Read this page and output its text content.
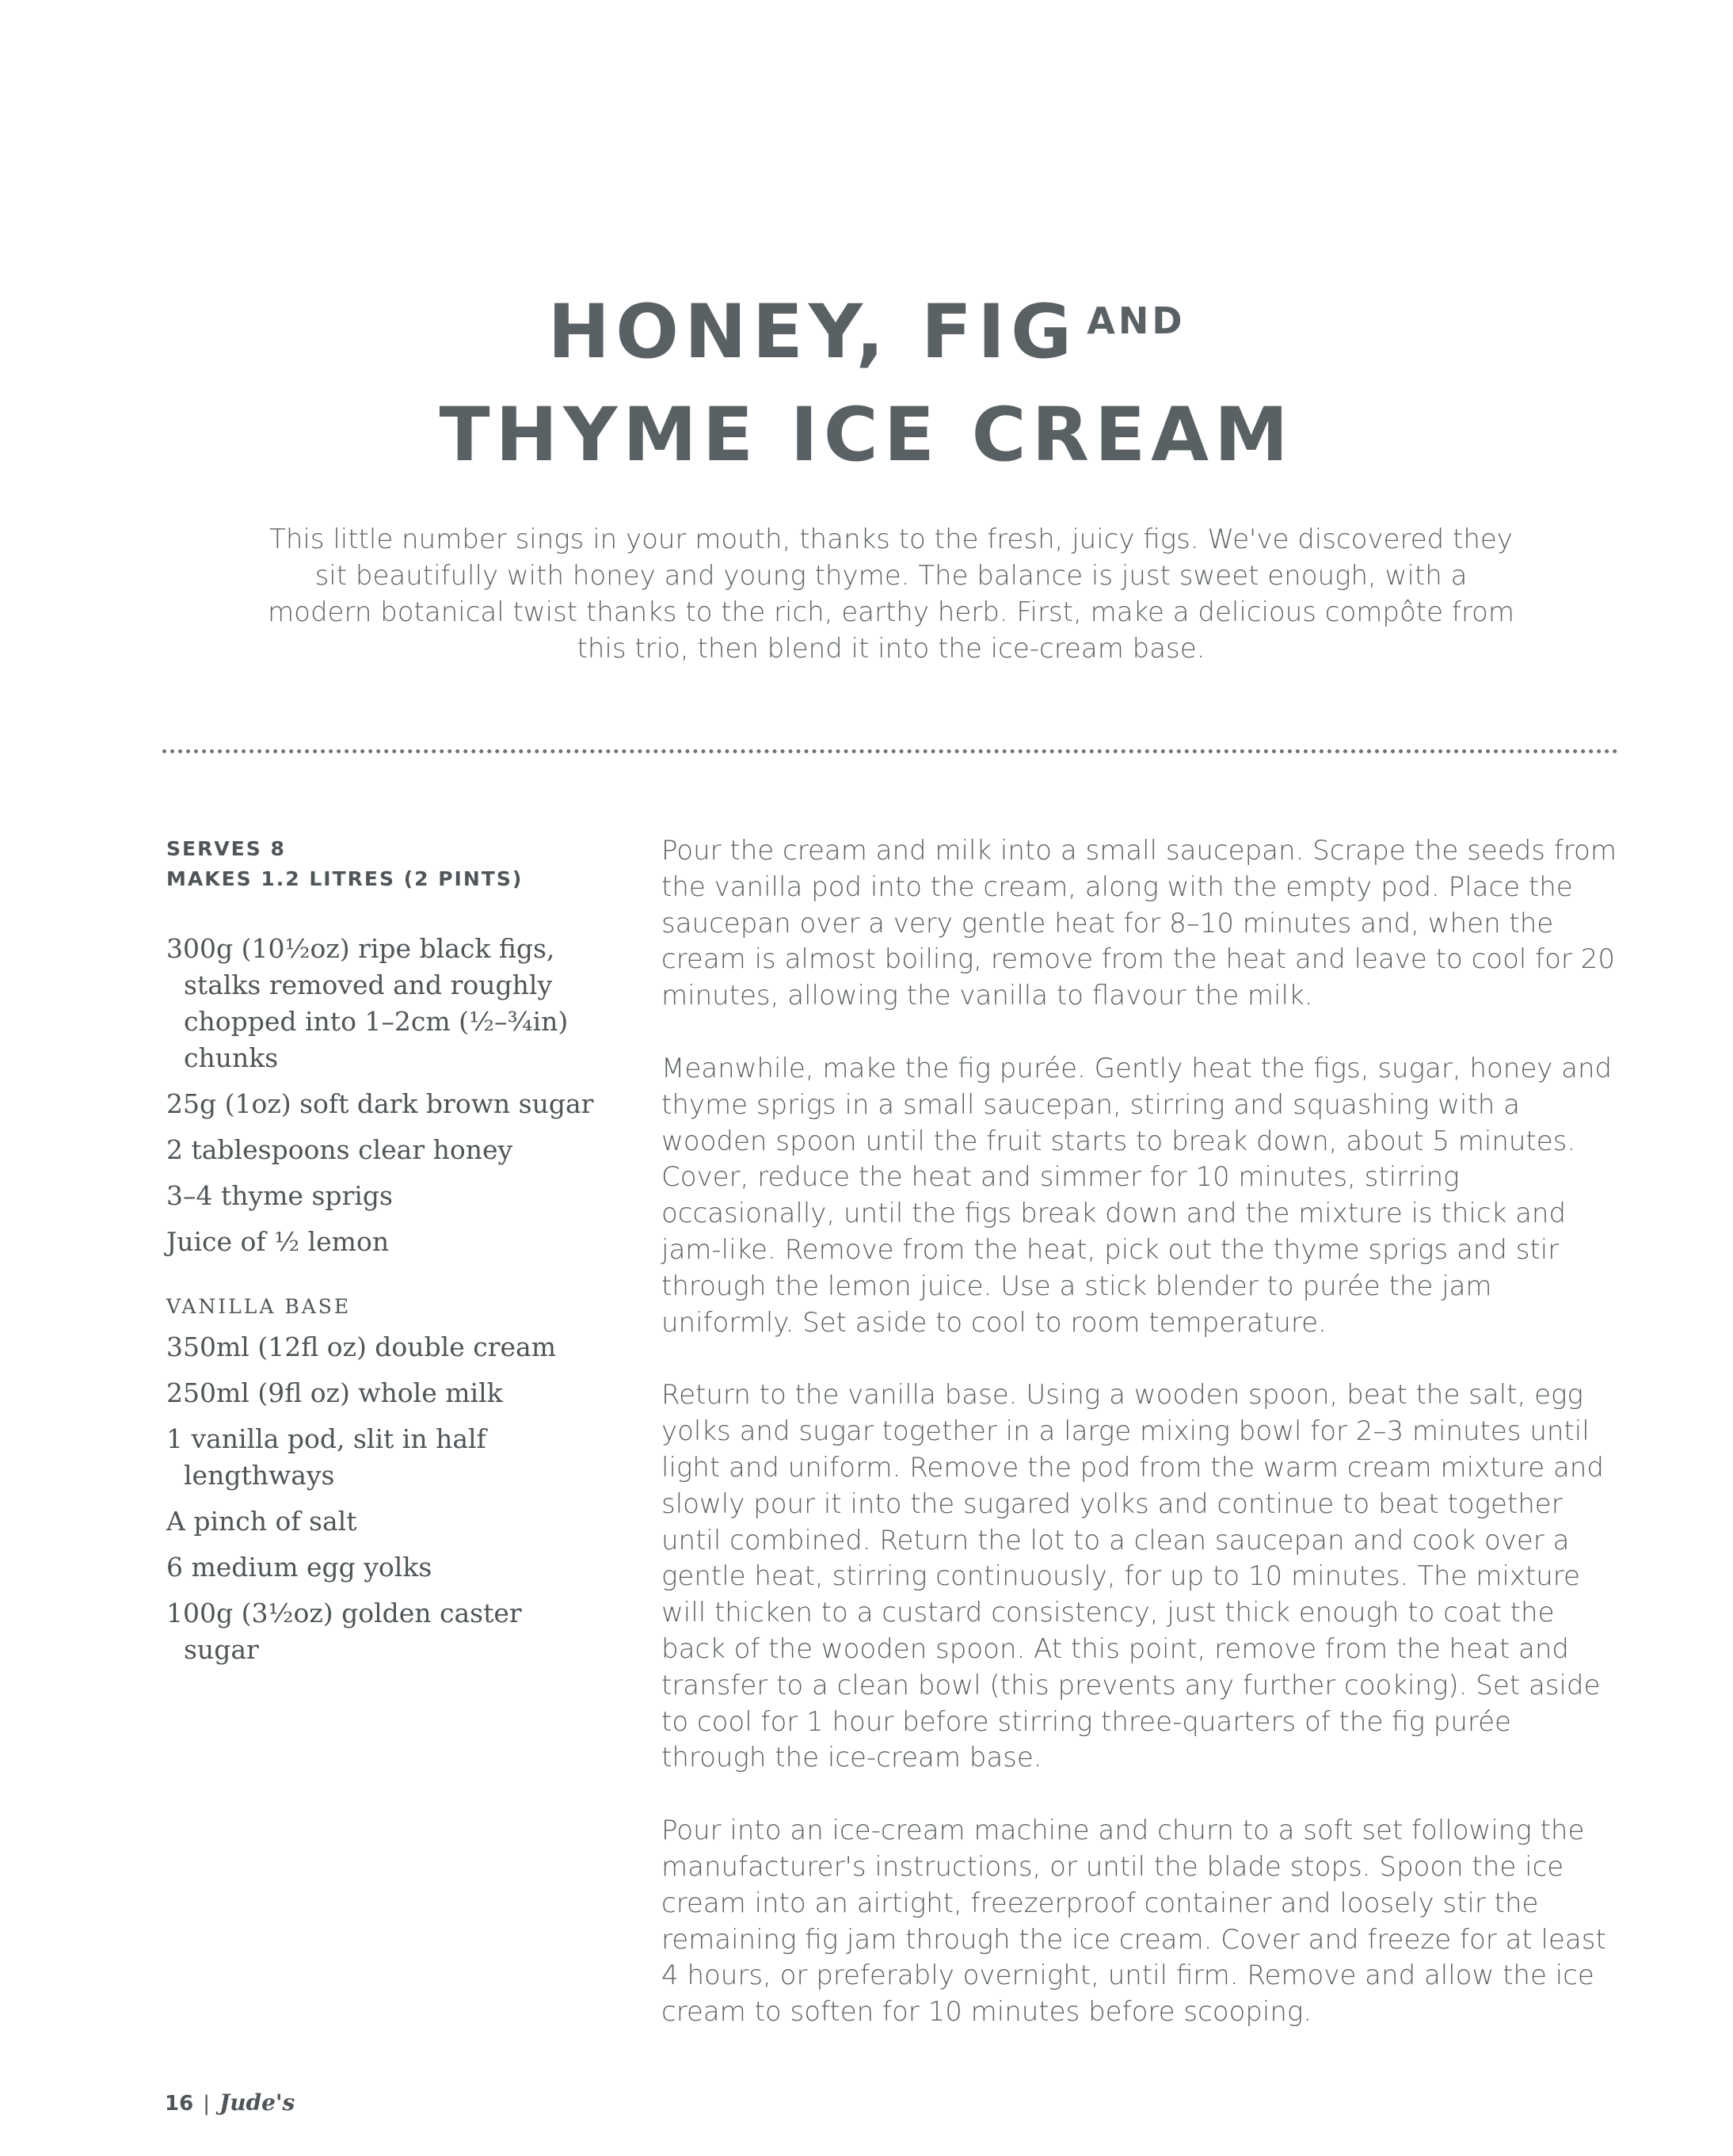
HONEY, FIG $^{AND}$
THYME ICE CREAM
This little number sings in your mouth, thanks to the fresh, juicy figs. We've discovered they sit beautifully with honey and young thyme. The balance is just sweet enough, with a modern botanical twist thanks to the rich, earthy herb. First, make a delicious compôte from this trio, then blend it into the ice-cream base.
SERVES 8
MAKES 1.2 LITRES (2 PINTS)
300g (10½oz) ripe black figs, stalks removed and roughly chopped into 1–2cm (½–¾in) chunks
25g (1oz) soft dark brown sugar
2 tablespoons clear honey
3–4 thyme sprigs
Juice of ½ lemon
VANILLA BASE
350ml (12fl oz) double cream
250ml (9fl oz) whole milk
1 vanilla pod, slit in half lengthways
A pinch of salt
6 medium egg yolks
100g (3½oz) golden caster sugar

Pour the cream and milk into a small saucepan. Scrape the seeds from the vanilla pod into the cream, along with the empty pod. Place the saucepan over a very gentle heat for 8–10 minutes and, when the cream is almost boiling, remove from the heat and leave to cool for 20 minutes, allowing the vanilla to flavour the milk.

Meanwhile, make the fig purée. Gently heat the figs, sugar, honey and thyme sprigs in a small saucepan, stirring and squashing with a wooden spoon until the fruit starts to break down, about 5 minutes. Cover, reduce the heat and simmer for 10 minutes, stirring occasionally, until the figs break down and the mixture is thick and jam-like. Remove from the heat, pick out the thyme sprigs and stir through the lemon juice. Use a stick blender to purée the jam uniformly. Set aside to cool to room temperature.

Return to the vanilla base. Using a wooden spoon, beat the salt, egg yolks and sugar together in a large mixing bowl for 2–3 minutes until light and uniform. Remove the pod from the warm cream mixture and slowly pour it into the sugared yolks and continue to beat together until combined. Return the lot to a clean saucepan and cook over a gentle heat, stirring continuously, for up to 10 minutes. The mixture will thicken to a custard consistency, just thick enough to coat the back of the wooden spoon. At this point, remove from the heat and transfer to a clean bowl (this prevents any further cooking). Set aside to cool for 1 hour before stirring three-quarters of the fig purée through the ice-cream base.

Pour into an ice-cream machine and churn to a soft set following the manufacturer's instructions, or until the blade stops. Spoon the ice cream into an airtight, freezerproof container and loosely stir the remaining fig jam through the ice cream. Cover and freeze for at least 4 hours, or preferably overnight, until firm. Remove and allow the ice cream to soften for 10 minutes before scooping.

16 | Jude's
